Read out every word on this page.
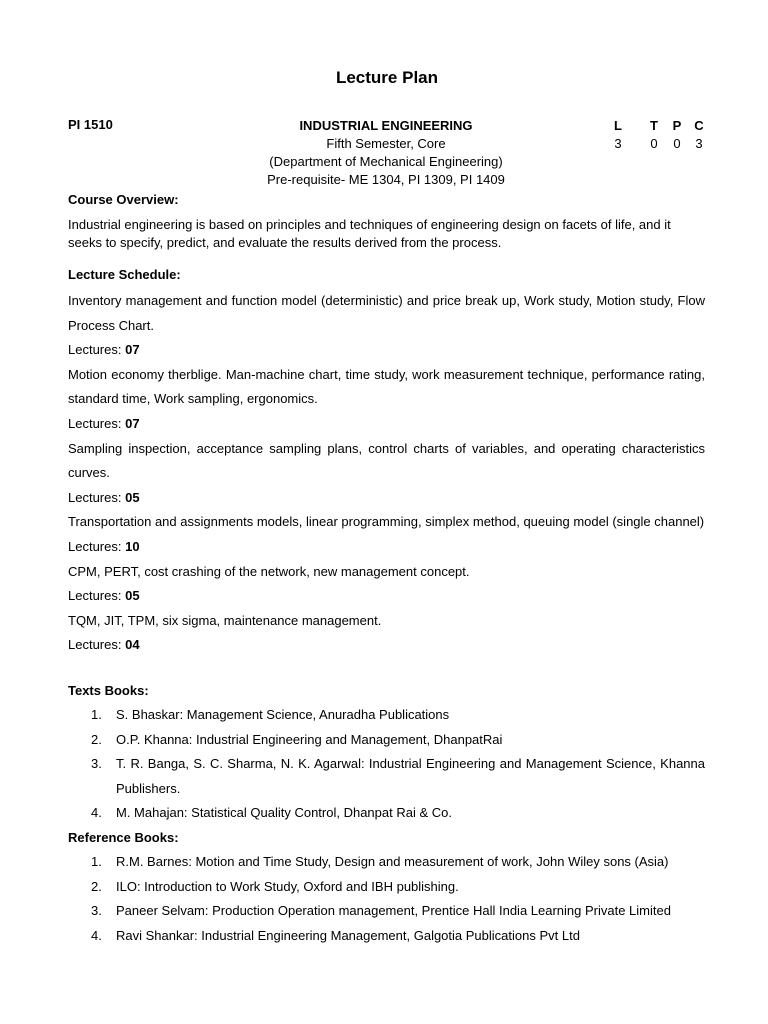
Lecture Plan
PI 1510	INDUSTRIAL ENGINEERING
Fifth Semester, Core
(Department of Mechanical Engineering)
Pre-requisite- ME 1304, PI 1309, PI 1409
L
3
T
0
P
0
C
3
Course Overview:
Industrial engineering is based on principles and techniques of engineering design on facets of life, and it seeks to specify, predict, and evaluate the results derived from the process.
Lecture Schedule:

Inventory management and function model (deterministic) and price break up, Work study, Motion study, Flow Process Chart.

Lectures: 07

Motion economy therblige. Man-machine chart, time study, work measurement technique, performance rating, standard time, Work sampling, ergonomics.

Lectures: 07

Sampling inspection, acceptance sampling plans, control charts of variables, and operating characteristics curves.

Lectures: 05

Transportation and assignments models, linear programming, simplex method, queuing model (single channel)

Lectures: 10

CPM, PERT, cost crashing of the network, new management concept.

Lectures: 05

TQM, JIT, TPM, six sigma, maintenance management.

Lectures: 04

Texts Books:
1. S. Bhaskar: Management Science, Anuradha Publications
2. O.P. Khanna: Industrial Engineering and Management, DhanpatRai
3. T. R. Banga, S. C. Sharma, N. K. Agarwal: Industrial Engineering and Management Science, Khanna Publishers.
4. M. Mahajan: Statistical Quality Control, Dhanpat Rai & Co.
Reference Books:
1. R.M. Barnes: Motion and Time Study, Design and measurement of work, John Wiley sons (Asia)
2. ILO: Introduction to Work Study, Oxford and IBH publishing.
3. Paneer Selvam: Production Operation management, Prentice Hall India Learning Private Limited
4. Ravi Shankar: Industrial Engineering Management, Galgotia Publications Pvt Ltd
